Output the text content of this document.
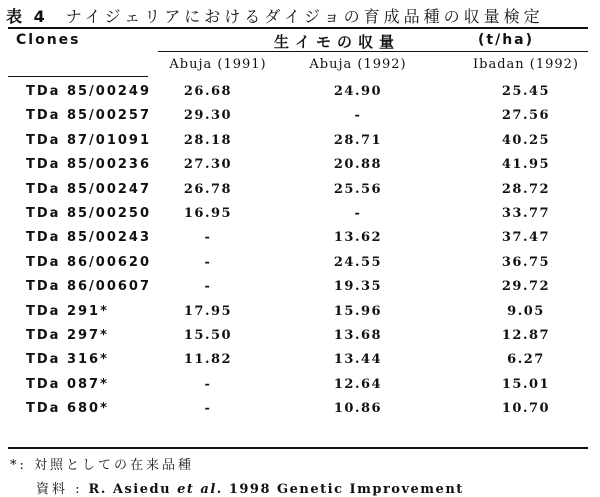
表 4 ナイジェリアにおけるダイジョの育成品種の収量検定
Clones	生イモの収量	(t/ha)
Abuja (1991)	Abuja (1992)	Ibadan (1992)
TDa 85/00249	26.68	24.90	25.45
TDa 85/00257	29.30	-	27.56
TDa 87/01091	28.18	28.71	40.25
TDa 85/00236	27.30	20.88	41.95
TDa 85/00247	26.78	25.56	28.72
TDa 85/00250	16.95	-	33.77
TDa 85/00243	-	13.62	37.47
TDa 86/00620	-	24.55	36.75
TDa 86/00607	-	19.35	29.72
TDa 291*	17.95	15.96	9.05
TDa 297*	15.50	13.68	12.87
TDa 316*	11.82	13.44	6.27
TDa 087*	-	12.64	15.01
TDa 680*	-	10.86	10.70
*: 対照としての在来品種
資料 : R. Asiedu et al. 1998 Genetic Improvement
